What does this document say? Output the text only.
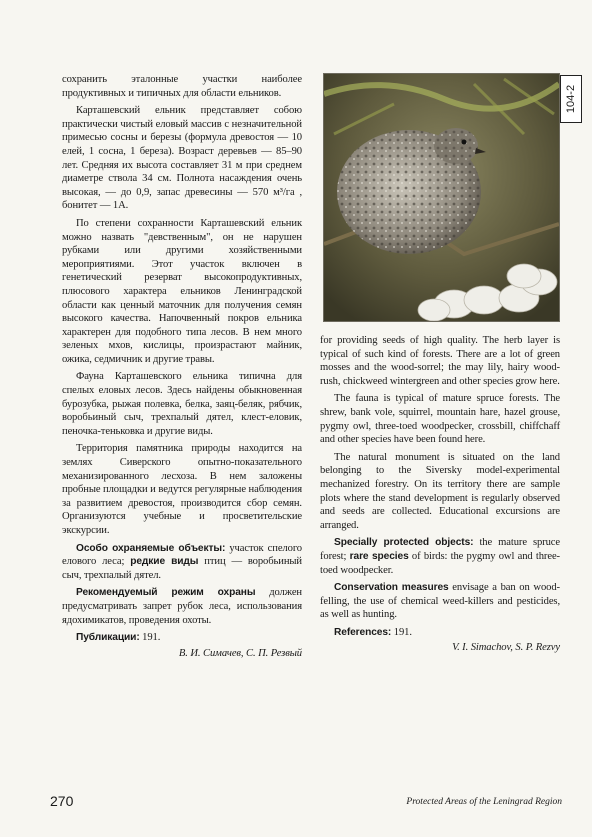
сохранить эталонные участки наиболее продуктивных и типичных для области ельников.

Карташевский ельник представляет собою практически чистый еловый массив с незначительной примесью сосны и березы (формула древостоя — 10 елей, 1 сосна, 1 береза). Возраст деревьев — 85–90 лет. Средняя их высота составляет 31 м при среднем диаметре ствола 34 см. Полнота насаждения очень высокая, — до 0,9, запас древесины — 570 м³/га , бонитет — 1А.

По степени сохранности Карташевский ельник можно назвать "девственным", он не нарушен рубками или другими хозяйственными мероприятиями. Этот участок включен в генетический резерват высокопродуктивных, плюсового характера ельников Ленинградской области как ценный маточник для получения семян высокого качества. Напочвенный покров ельника характерен для подобного типа лесов. В нем много зеленых мхов, кислицы, произрастают майник, ожика, седмичник и другие травы.

Фауна Карташевского ельника типична для спелых еловых лесов. Здесь найдены обыкновенная бурозубка, рыжая полевка, белка, заяц-беляк, рябчик, воробьиный сыч, трехпалый дятел, клест-еловик, пеночка-теньковка и другие виды.

Территория памятника природы находится на землях Сиверского опытно-показательного механизированного лесхоза. В нем заложены пробные площадки и ведутся регулярные наблюдения за развитием древостоя, производится сбор семян. Организуются учебные и просветительские экскурсии.

Особо охраняемые объекты: участок спелого елового леса; редкие виды птиц — воробьиный сыч, трехпалый дятел.

Рекомендуемый режим охраны должен предусматривать запрет рубок леса, использования ядохимикатов, проведения охоты.

Публикации: 191.

В. И. Симачев, С. П. Резвый

104-2

for providing seeds of high quality. The herb layer is typical of such kind of forests. There are a lot of green mosses and the wood-sorrel; the may lily, hairy wood-rush, chickweed wintergreen and other species grow here.

The fauna is typical of mature spruce forests. The shrew, bank vole, squirrel, mountain hare, hazel grouse, pygmy owl, three-toed woodpecker, crossbill, chiffchaff and other species have been found here.

The natural monument is situated on the land belonging to the Siversky model-experimental mechanized forestry. On its territory there are sample plots where the stand development is regularly observed and seeds are collected. Educational excursions are arranged.

Specially protected objects: the mature spruce forest; rare species of birds: the pygmy owl and three-toed woodpecker.

Conservation measures envisage a ban on wood-felling, the use of chemical weed-killers and pesticides, as well as hunting.

References: 191.

V. I. Simachov, S. P. Rezvy

270	Protected Areas of the Leningrad Region
